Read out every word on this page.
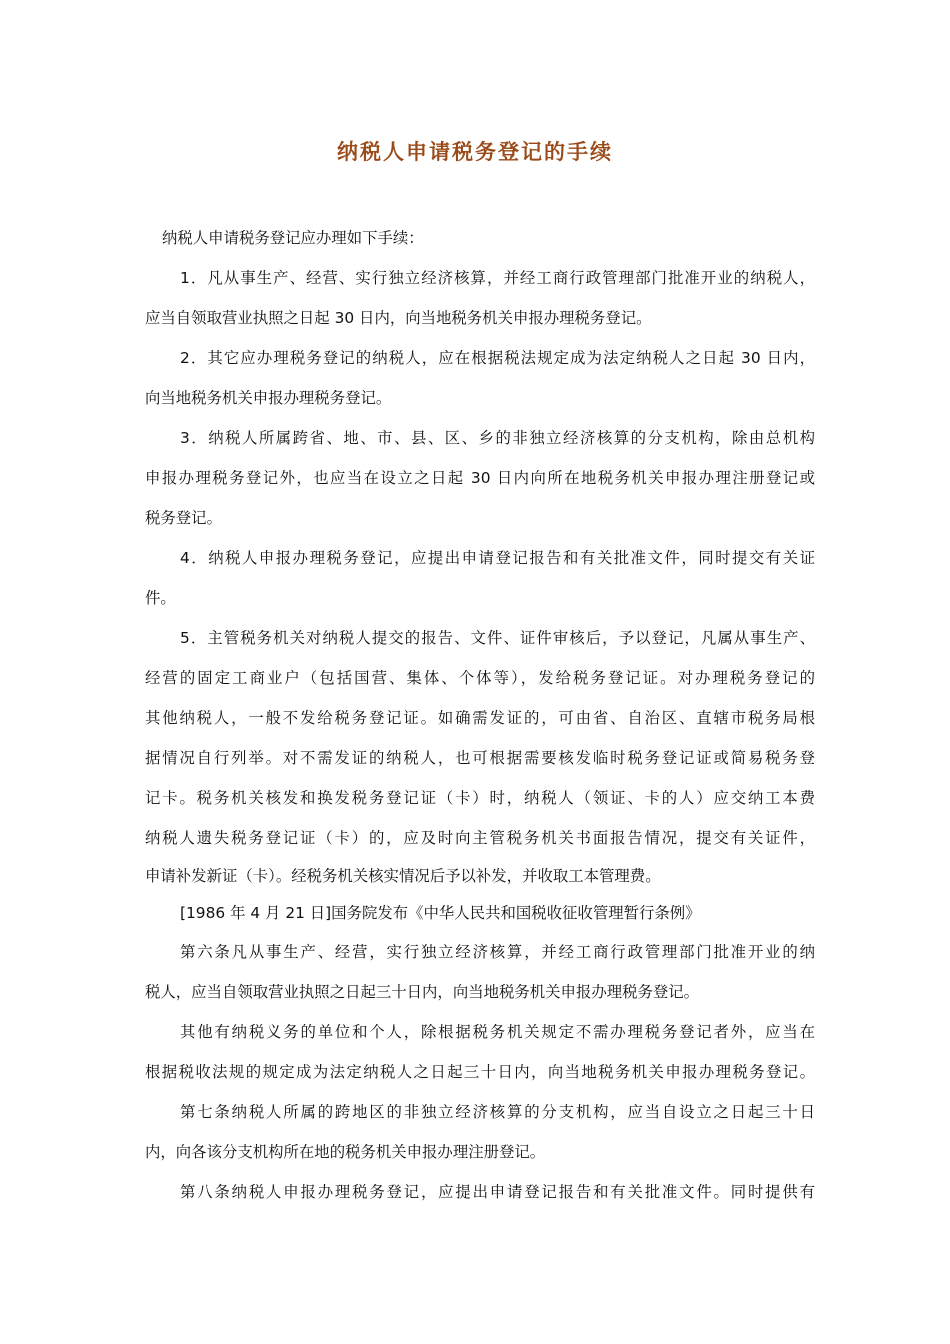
纳税人申请税务登记的手续
纳税人申请税务登记应办理如下手续：
1．凡从事生产、经营、实行独立经济核算，并经工商行政管理部门批准开业的纳税人，
应当自领取营业执照之日起 30 日内，向当地税务机关申报办理税务登记。
2．其它应办理税务登记的纳税人，应在根据税法规定成为法定纳税人之日起 30 日内，
向当地税务机关申报办理税务登记。
3．纳税人所属跨省、地、市、县、区、乡的非独立经济核算的分支机构，除由总机构
申报办理税务登记外，也应当在设立之日起 30 日内向所在地税务机关申报办理注册登记或
税务登记。
4．纳税人申报办理税务登记，应提出申请登记报告和有关批准文件，同时提交有关证
件。
5．主管税务机关对纳税人提交的报告、文件、证件审核后，予以登记，凡属从事生产、
经营的固定工商业户（包括国营、集体、个体等），发给税务登记证。对办理税务登记的
其他纳税人，一般不发给税务登记证。如确需发证的，可由省、自治区、直辖市税务局根
据情况自行列举。对不需发证的纳税人，也可根据需要核发临时税务登记证或简易税务登
记卡。税务机关核发和换发税务登记证（卡）时，纳税人（领证、卡的人）应交纳工本费
纳税人遗失税务登记证（卡）的，应及时向主管税务机关书面报告情况，提交有关证件，
申请补发新证（卡）。经税务机关核实情况后予以补发，并收取工本管理费。
[1986 年 4 月 21 日]国务院发布《中华人民共和国税收征收管理暂行条例》
第六条凡从事生产、经营，实行独立经济核算，并经工商行政管理部门批准开业的纳
税人，应当自领取营业执照之日起三十日内，向当地税务机关申报办理税务登记。
其他有纳税义务的单位和个人，除根据税务机关规定不需办理税务登记者外，应当在
根据税收法规的规定成为法定纳税人之日起三十日内，向当地税务机关申报办理税务登记。
第七条纳税人所属的跨地区的非独立经济核算的分支机构，应当自设立之日起三十日
内，向各该分支机构所在地的税务机关申报办理注册登记。
第八条纳税人申报办理税务登记，应提出申请登记报告和有关批准文件。同时提供有
